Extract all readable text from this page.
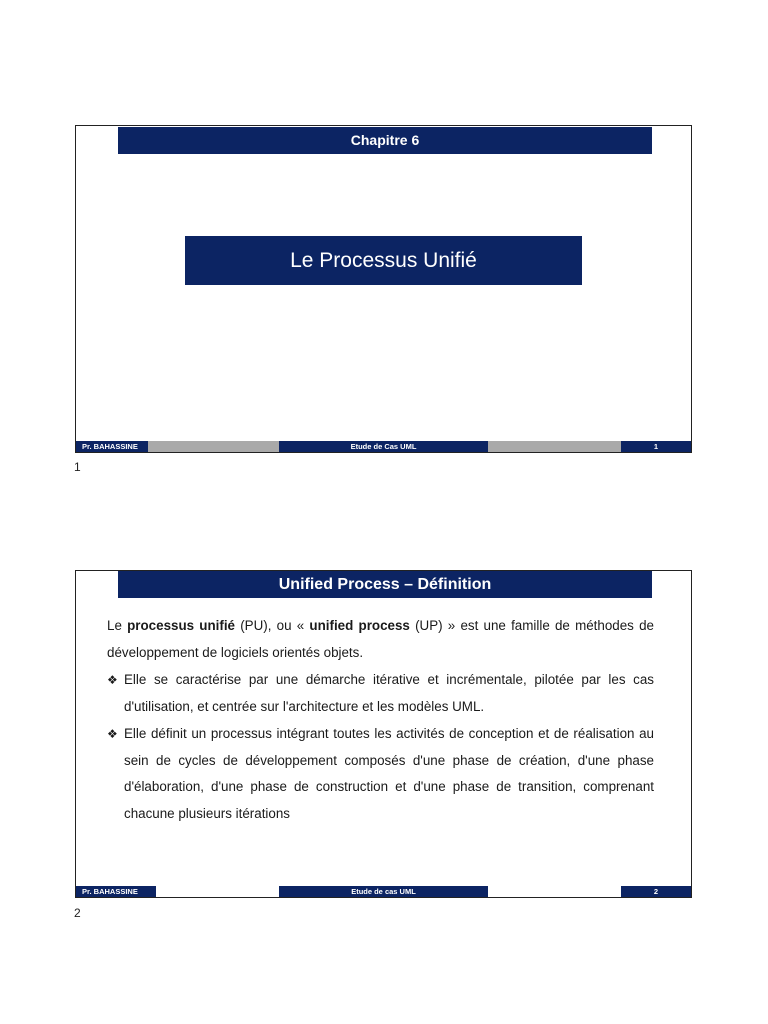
Chapitre 6
Le Processus Unifié
Pr. BAHASSINE	Etude de Cas UML	1
1
Unified Process – Définition

Le processus unifié (PU), ou « unified process (UP) » est une famille de méthodes de développement de logiciels orientés objets.

❖ Elle se caractérise par une démarche itérative et incrémentale, pilotée par les cas d'utilisation, et centrée sur l'architecture et les modèles UML.
❖ Elle définit un processus intégrant toutes les activités de conception et de réalisation au sein de cycles de développement composés d'une phase de création, d'une phase d'élaboration, d'une phase de construction et d'une phase de transition, comprenant chacune plusieurs itérations
Pr. BAHASSINE	Etude de cas UML	2
2
